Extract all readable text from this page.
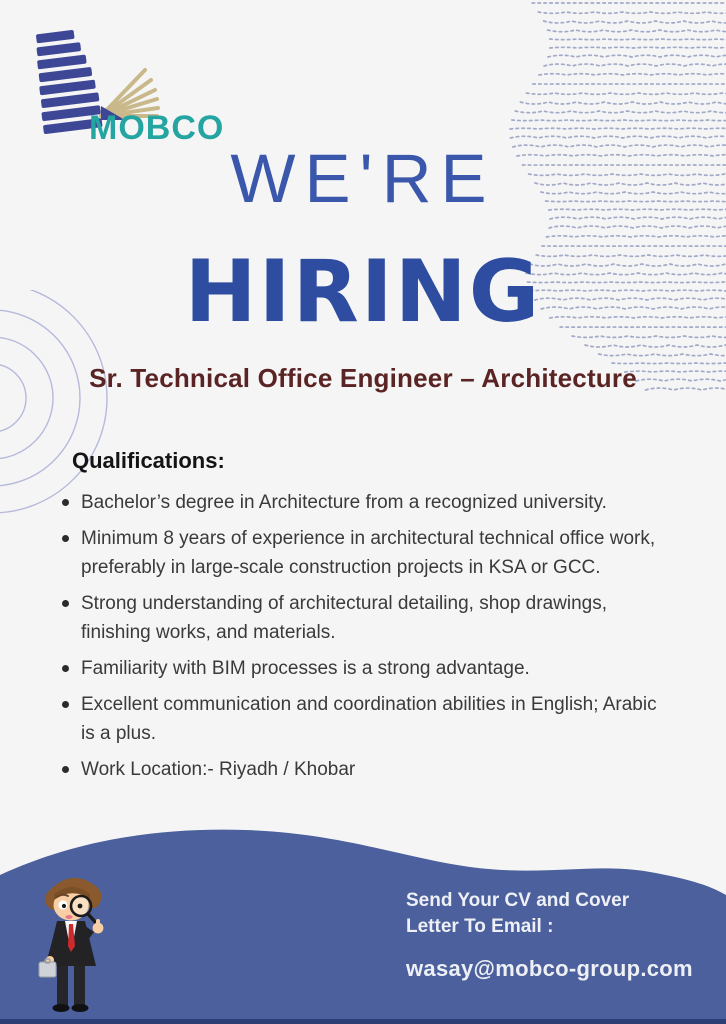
MOBCO
WE'RE
HIRING
Sr. Technical Office Engineer – Architecture
Qualifications:
Bachelor’s degree in Architecture from a recognized university.
Minimum 8 years of experience in architectural technical office work, preferably in large-scale construction projects in KSA or GCC.
Strong understanding of architectural detailing, shop drawings, finishing works, and materials.
Familiarity with BIM processes is a strong advantage.
Excellent communication and coordination abilities in English; Arabic is a plus.
Work Location:- Riyadh / Khobar
Send Your CV and Cover
Letter To Email :
wasay@mobco-group.com
